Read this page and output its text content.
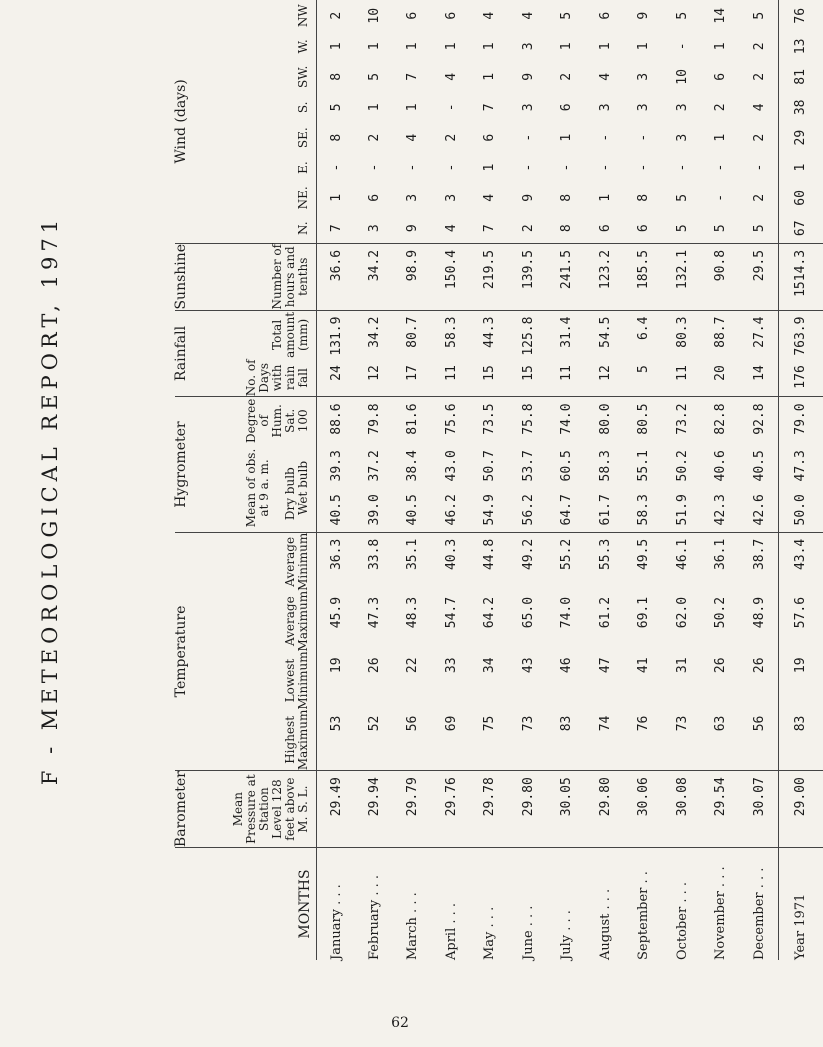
F - METEOROLOGICAL REPORT, 1971
MONTHS	Barometer	Temperature				Hygrometer			Rainfall		Sunshine	Wind (days)							
	Mean Pressure at Station Level 128 feet above M. S. L.	Highest Maximum	Lowest Minimum	Average Maximum	Average Minimum	Mean of obs. at 9 a. m. Dry bulb    Wet bulb		Degree of Hum. Sat. 100	No. of Days with rain fall	Total amount (mm)	Number of hours and tenths	N.	NE.	E.	SE.	S.	SW.	W.	NW
January . . .	29.49	53	19	45.9	36.3	40.5	39.3	88.6	24	131.9	36.6	7	1	-	8	5	8	1	2
February . . .	29.94	52	26	47.3	33.8	39.0	37.2	79.8	12	34.2	34.2	3	6	-	2	1	5	1	10
March . . .	29.79	56	22	48.3	35.1	40.5	38.4	81.6	17	80.7	98.9	9	3	-	4	1	7	1	6
April . . .	29.76	69	33	54.7	40.3	46.2	43.0	75.6	11	58.3	150.4	4	3	-	2	-	4	1	6
May . . .	29.78	75	34	64.2	44.8	54.9	50.7	73.5	15	44.3	219.5	7	4	1	6	7	1	1	4
June . . .	29.80	73	43	65.0	49.2	56.2	53.7	75.8	15	125.8	139.5	2	9	-	-	3	9	3	4
July . . .	30.05	83	46	74.0	55.2	64.7	60.5	74.0	11	31.4	241.5	8	8	-	1	6	2	1	5
August . . .	29.80	74	47	61.2	55.3	61.7	58.3	80.0	12	54.5	123.2	6	1	-	-	3	4	1	6
September . .	30.06	76	41	69.1	49.5	58.3	55.1	80.5	5	6.4	185.5	6	8	-	-	3	3	1	9
October . . .	30.08	73	31	62.0	46.1	51.9	50.2	73.2	11	80.3	132.1	5	5	-	3	3	10	-	5
November . . .	29.54	63	26	50.2	36.1	42.3	40.6	82.8	20	88.7	90.8	5	-	-	1	2	6	1	14
December . . .	30.07	56	26	48.9	38.7	42.6	40.5	92.8	14	27.4	29.5	5	2	-	2	4	2	2	5
Year 1971	29.00	83	19	57.6	43.4	50.0	47.3	79.0	176	763.9	1514.3	67	60	1	29	38	81	13	76
62
